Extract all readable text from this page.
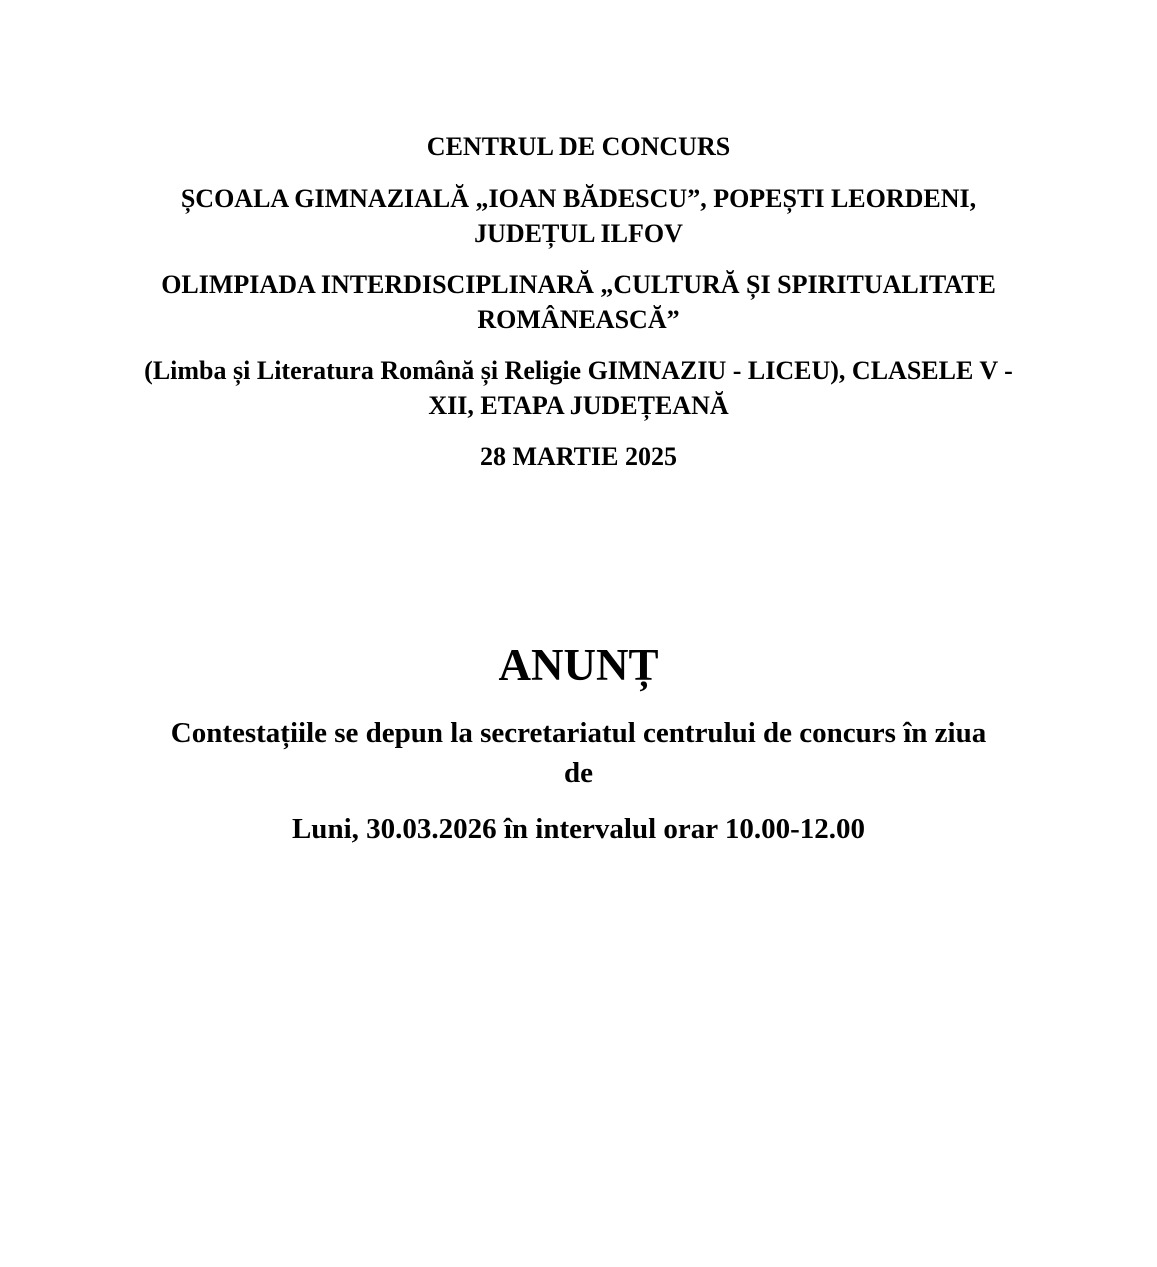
CENTRUL DE CONCURS

ȘCOALA GIMNAZIALĂ „IOAN BĂDESCU”, POPEȘTI LEORDENI,
JUDEȚUL ILFOV

OLIMPIADA INTERDISCIPLINARĂ „CULTURĂ ȘI SPIRITUALITATE
ROMÂNEASCĂ”

(Limba și Literatura Română și Religie GIMNAZIU - LICEU), CLASELE V -
XII, ETAPA JUDEȚEANĂ

28 MARTIE 2025

ANUNȚ

Contestațiile se depun la secretariatul centrului de concurs în ziua
de

Luni, 30.03.2026 în intervalul orar 10.00-12.00
